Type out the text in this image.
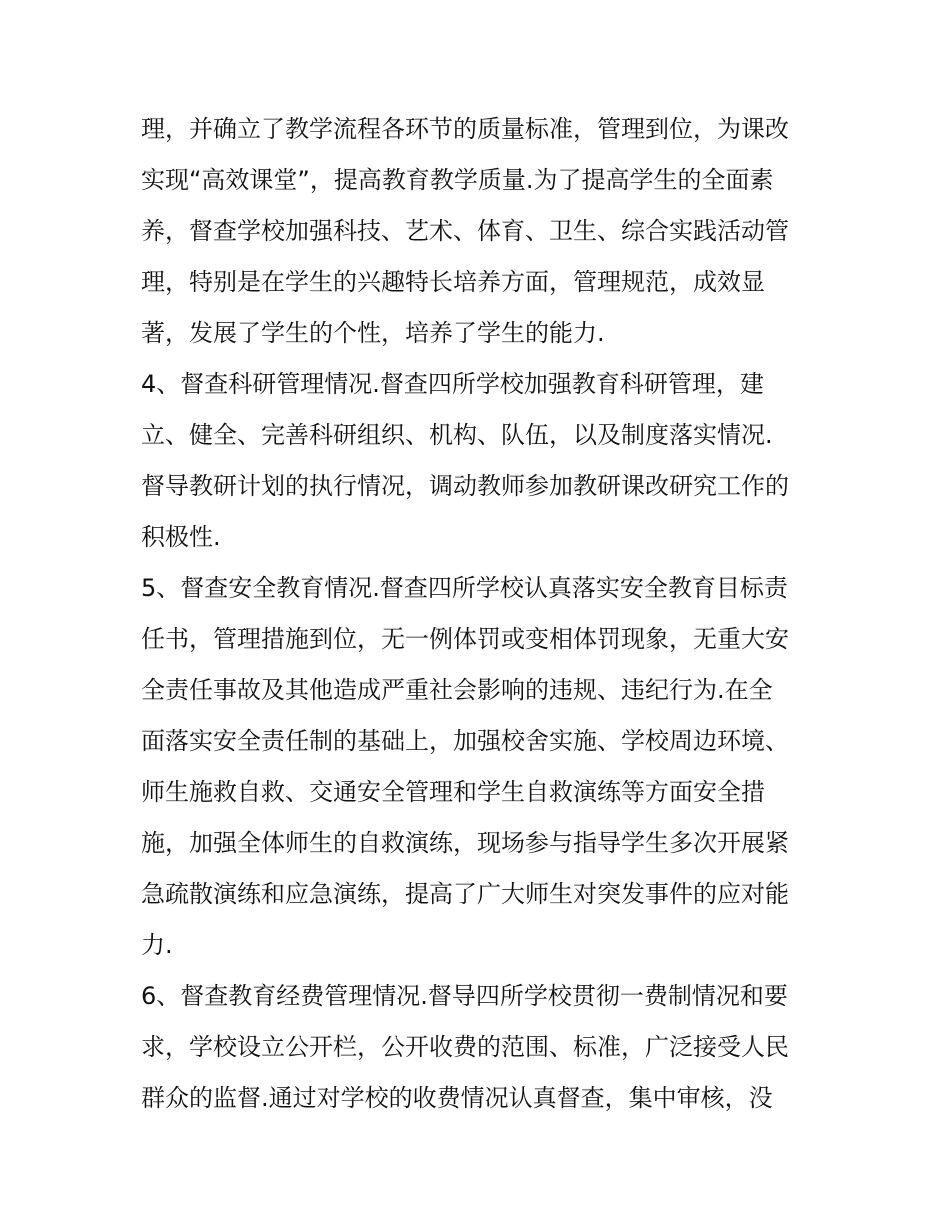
理，并确立了教学流程各环节的质量标准，管理到位，为课改
实现“高效课堂”，提高教育教学质量.为了提高学生的全面素
养，督查学校加强科技、艺术、体育、卫生、综合实践活动管
理，特别是在学生的兴趣特长培养方面，管理规范，成效显
著，发展了学生的个性，培养了学生的能力.
4、督查科研管理情况.督查四所学校加强教育科研管理，建
立、健全、完善科研组织、机构、队伍，以及制度落实情况.
督导教研计划的执行情况，调动教师参加教研课改研究工作的
积极性.
5、督查安全教育情况.督查四所学校认真落实安全教育目标责
任书，管理措施到位，无一例体罚或变相体罚现象，无重大安
全责任事故及其他造成严重社会影响的违规、违纪行为.在全
面落实安全责任制的基础上，加强校舍实施、学校周边环境、
师生施救自救、交通安全管理和学生自救演练等方面安全措
施，加强全体师生的自救演练，现场参与指导学生多次开展紧
急疏散演练和应急演练，提高了广大师生对突发事件的应对能
力.
6、督查教育经费管理情况.督导四所学校贯彻一费制情况和要
求，学校设立公开栏，公开收费的范围、标准，广泛接受人民
群众的监督.通过对学校的收费情况认真督查，集中审核，没
